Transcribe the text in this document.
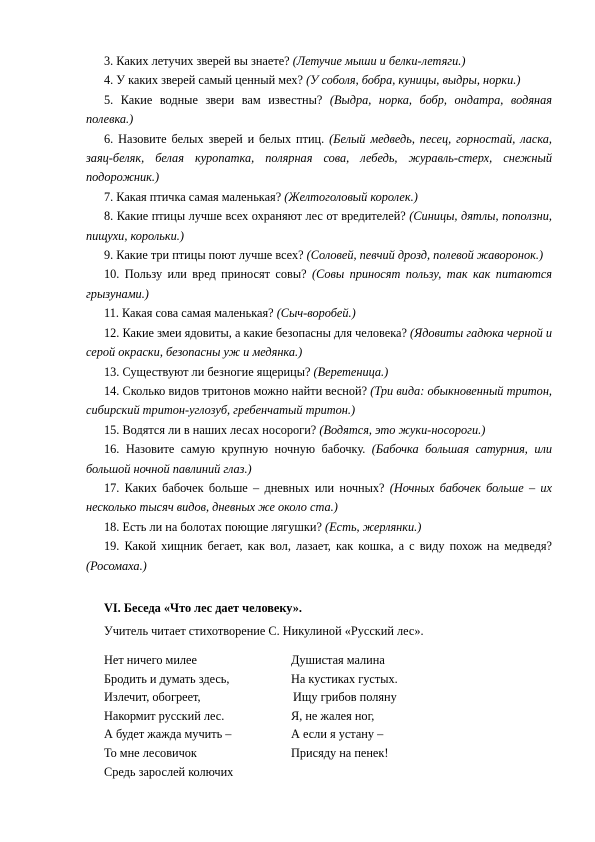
3. Каких летучих зверей вы знаете? (Летучие мыши и белки-летяги.)

4. У каких зверей самый ценный мех? (У соболя, бобра, куницы, выдры, норки.)

5. Какие водные звери вам известны? (Выдра, норка, бобр, ондатра, водяная полевка.)

6. Назовите белых зверей и белых птиц. (Белый медведь, песец, горностай, ласка, заяц-беляк, белая куропатка, полярная сова, лебедь, журавль-стерх, снежный подорожник.)

7. Какая птичка самая маленькая? (Желтоголовый королек.)

8. Какие птицы лучше всех охраняют лес от вредителей? (Синицы, дятлы, поползни, пищухи, корольки.)

9. Какие три птицы поют лучше всех? (Соловей, певчий дрозд, полевой жаворонок.)

10. Пользу или вред приносят совы? (Совы приносят пользу, так как питаются грызунами.)

11. Какая сова самая маленькая? (Сыч-воробей.)

12. Какие змеи ядовиты, а какие безопасны для человека? (Ядовиты гадюка черной и серой окраски, безопасны уж и медянка.)

13. Существуют ли безногие ящерицы? (Веретеница.)

14. Сколько видов тритонов можно найти весной? (Три вида: обыкновенный тритон, сибирский тритон-углозуб, гребенчатый тритон.)

15. Водятся ли в наших лесах носороги? (Водятся, это жуки-носороги.)

16. Назовите самую крупную ночную бабочку. (Бабочка большая сатурния, или большой ночной павлиний глаз.)

17. Каких бабочек больше – дневных или ночных? (Ночных бабочек больше – их несколько тысяч видов, дневных же около ста.)

18. Есть ли на болотах поющие лягушки? (Есть, жерлянки.)

19. Какой хищник бегает, как вол, лазает, как кошка, а с виду похож на медведя? (Росомаха.)

VI. Беседа «Что лес дает человеку».

Учитель читает стихотворение С. Никулиной «Русский лес».

Нет ничего милее
Бродить и думать здесь,
Излечит, обогреет,
Накормит русский лес.
А будет жажда мучить –
То мне лесовичок
Средь зарослей колючих
Душистая малина
На кустиках густых.
Ищу грибов поляну
Я, не жалея ног,
А если я устану –
Присяду на пенек!
